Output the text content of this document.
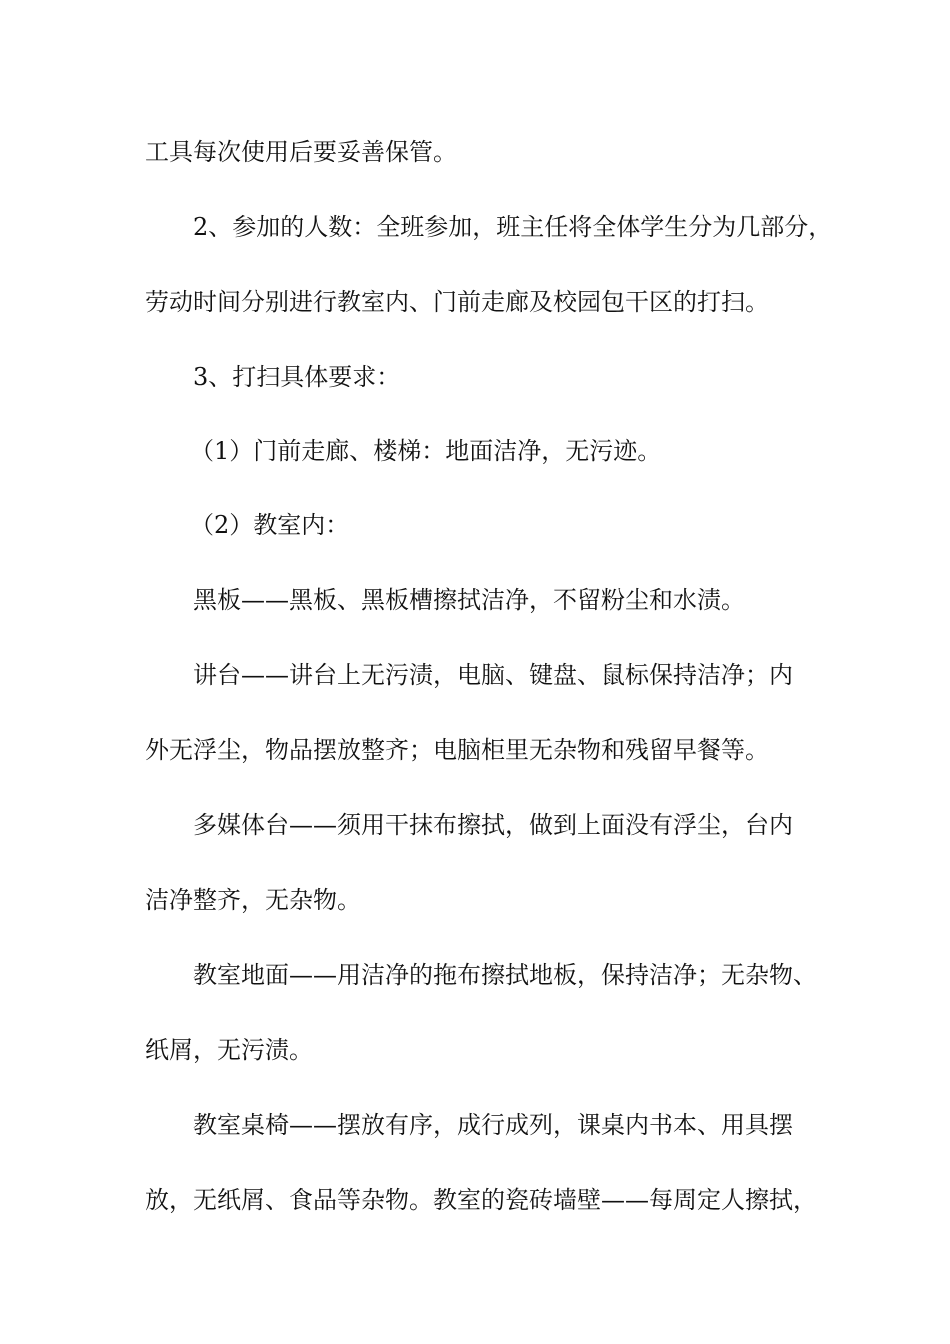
工具每次使用后要妥善保管。
2、参加的人数：全班参加，班主任将全体学生分为几部分，
劳动时间分别进行教室内、门前走廊及校园包干区的打扫。
3、打扫具体要求：
（1）门前走廊、楼梯：地面洁净，无污迹。
（2）教室内：
黑板——黑板、黑板槽擦拭洁净，不留粉尘和水渍。
讲台——讲台上无污渍，电脑、键盘、鼠标保持洁净；内
外无浮尘，物品摆放整齐；电脑柜里无杂物和残留早餐等。
多媒体台——须用干抹布擦拭，做到上面没有浮尘，台内
洁净整齐，无杂物。
教室地面——用洁净的拖布擦拭地板，保持洁净；无杂物、
纸屑，无污渍。
教室桌椅——摆放有序，成行成列，课桌内书本、用具摆
放，无纸屑、食品等杂物。教室的瓷砖墙壁——每周定人擦拭，
